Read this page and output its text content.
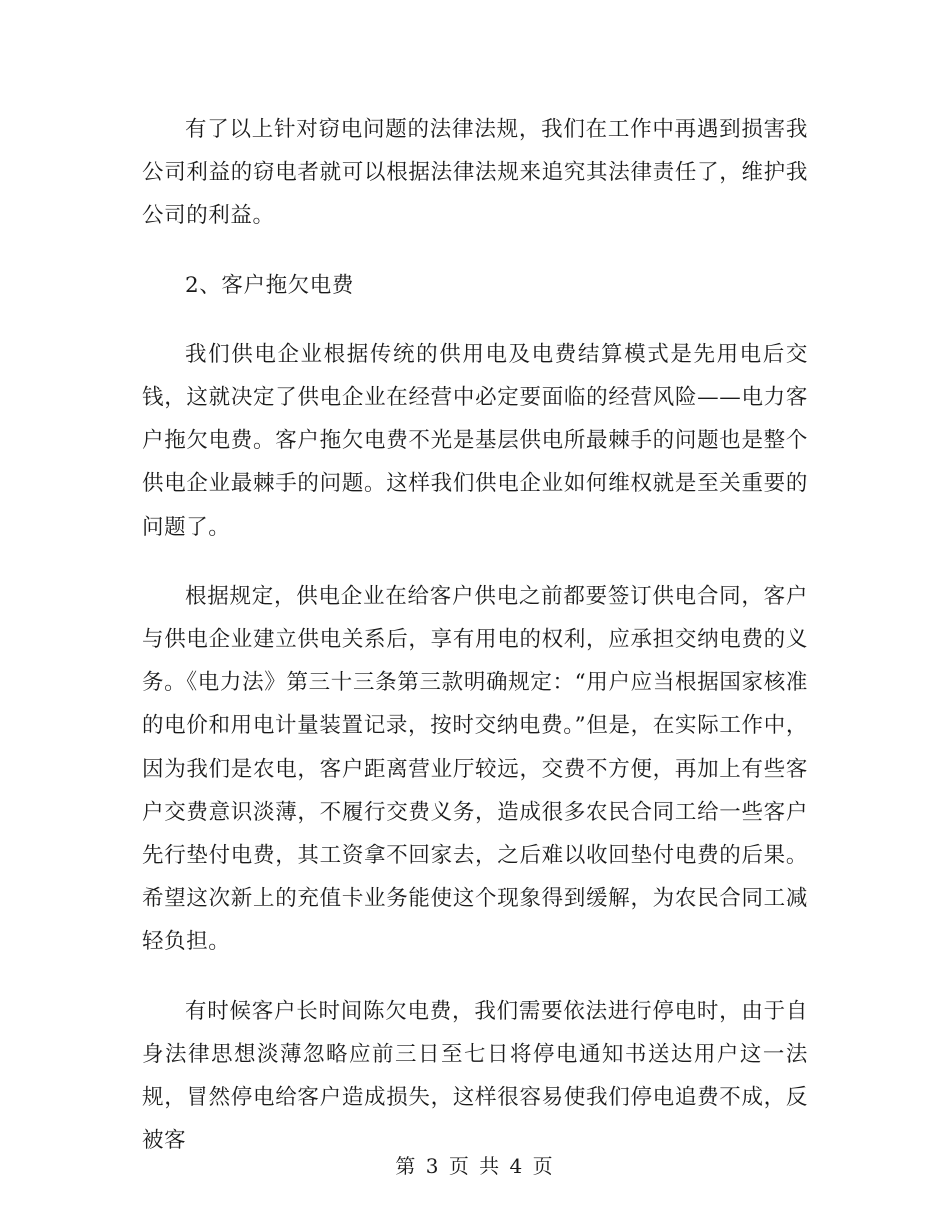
有了以上针对窃电问题的法律法规，我们在工作中再遇到损害我公司利益的窃电者就可以根据法律法规来追究其法律责任了，维护我公司的利益。

2、客户拖欠电费

我们供电企业根据传统的供用电及电费结算模式是先用电后交钱，这就决定了供电企业在经营中必定要面临的经营风险——电力客户拖欠电费。客户拖欠电费不光是基层供电所最棘手的问题也是整个供电企业最棘手的问题。这样我们供电企业如何维权就是至关重要的问题了。

根据规定，供电企业在给客户供电之前都要签订供电合同，客户与供电企业建立供电关系后，享有用电的权利，应承担交纳电费的义务。《电力法》第三十三条第三款明确规定：“用户应当根据国家核准的电价和用电计量装置记录，按时交纳电费。”但是，在实际工作中，因为我们是农电，客户距离营业厅较远，交费不方便，再加上有些客户交费意识淡薄，不履行交费义务，造成很多农民合同工给一些客户先行垫付电费，其工资拿不回家去，之后难以收回垫付电费的后果。希望这次新上的充值卡业务能使这个现象得到缓解，为农民合同工减轻负担。

有时候客户长时间陈欠电费，我们需要依法进行停电时，由于自身法律思想淡薄忽略应前三日至七日将停电通知书送达用户这一法规，冒然停电给客户造成损失，这样很容易使我们停电追费不成，反被客

第 3 页 共 4 页
